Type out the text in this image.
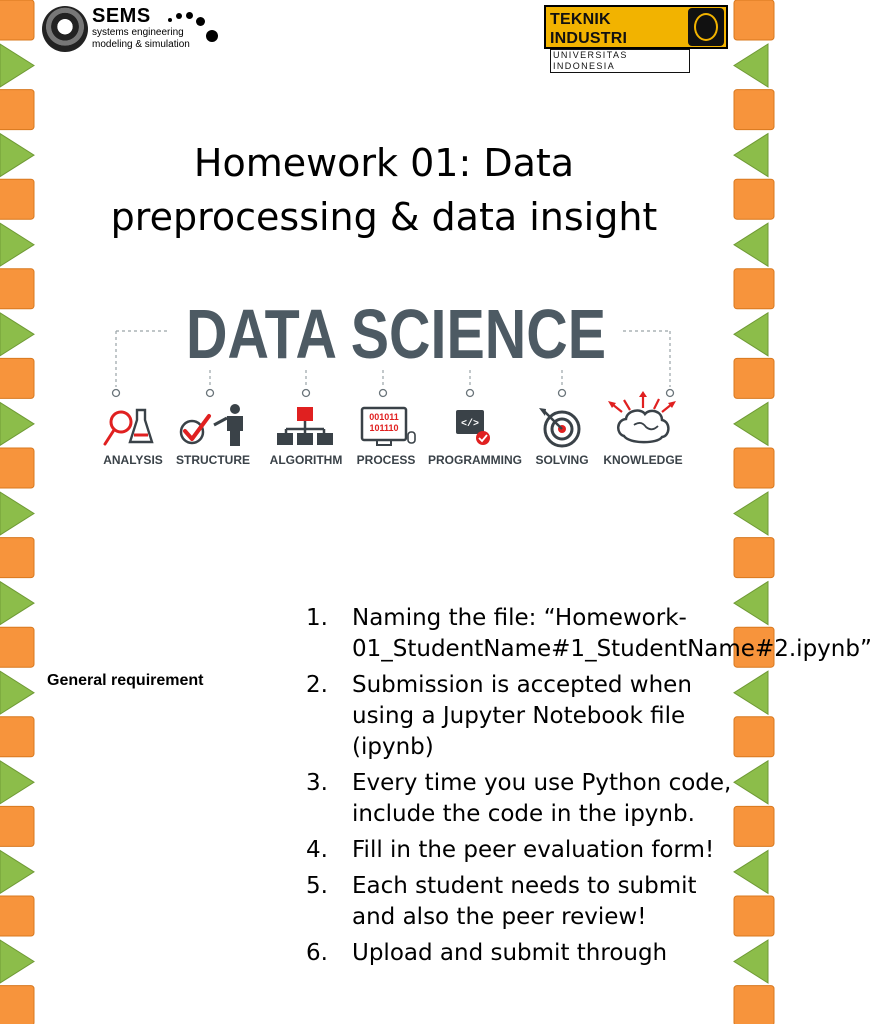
SEMS
systems engineering
modeling & simulation
TEKNIK INDUSTRI
UNIVERSITAS INDONESIA
Homework 01: Data preprocessing & data insight
DATA SCIENCE
001011
101110	</>
ANALYSIS STRUCTURE ALGORITHM PROCESS PROGRAMMING SOLVING KNOWLEDGE
General requirement
1.	Naming the file: “Homework-01_StudentName#1_StudentName#2.ipynb”
2.	Submission is accepted when using a Jupyter Notebook file (ipynb)
3.	Every time you use Python code, include the code in the ipynb.
4.	Fill in the peer evaluation form!
5.	Each student needs to submit and also the peer review!
6.	Upload and submit through
